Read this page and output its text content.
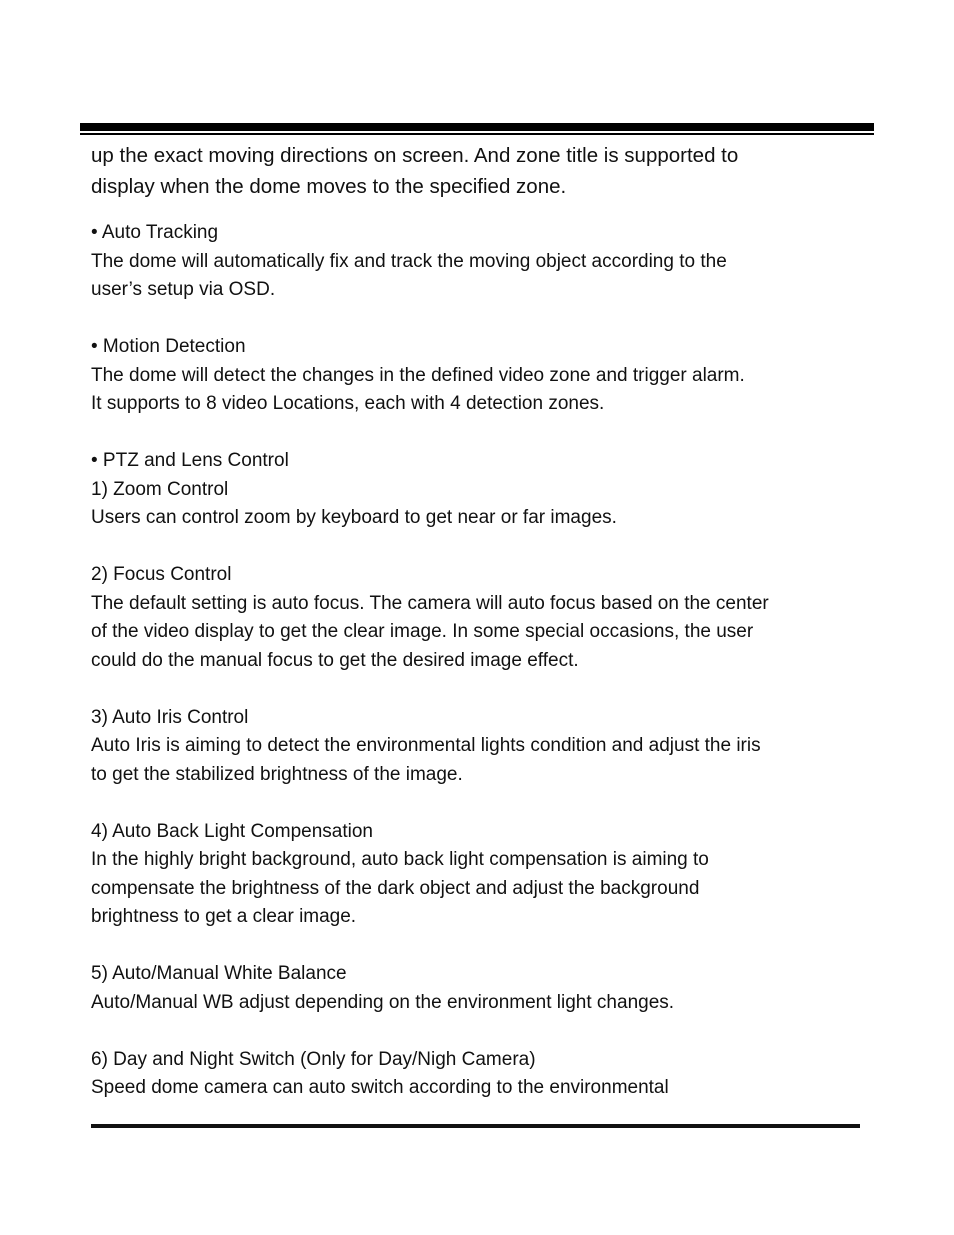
up the exact moving directions on screen. And zone title is supported to
display when the dome moves to the specified zone.

• Auto Tracking

The dome will automatically fix and track the moving object according to the

user’s setup via OSD.

• Motion Detection

The dome will detect the changes in the defined video zone and trigger alarm.

It supports to 8 video Locations, each with 4 detection zones.

• PTZ and Lens Control

1) Zoom Control

Users can control zoom by keyboard to get near or far images.

2) Focus Control

The default setting is auto focus. The camera will auto focus based on the center

of the video display to get the clear image. In some special occasions, the user

could do the manual focus to get the desired image effect.

3) Auto Iris Control

Auto Iris is aiming to detect the environmental lights condition and adjust the iris

to get the stabilized brightness of the image.

4) Auto Back Light Compensation

In the highly bright background, auto back light compensation is aiming to

compensate the brightness of the dark object and adjust the background

brightness to get a clear image.

5) Auto/Manual White Balance

Auto/Manual WB adjust depending on the environment light changes.

6) Day and Night Switch (Only for Day/Nigh Camera)

Speed dome camera can auto switch according to the environmental
